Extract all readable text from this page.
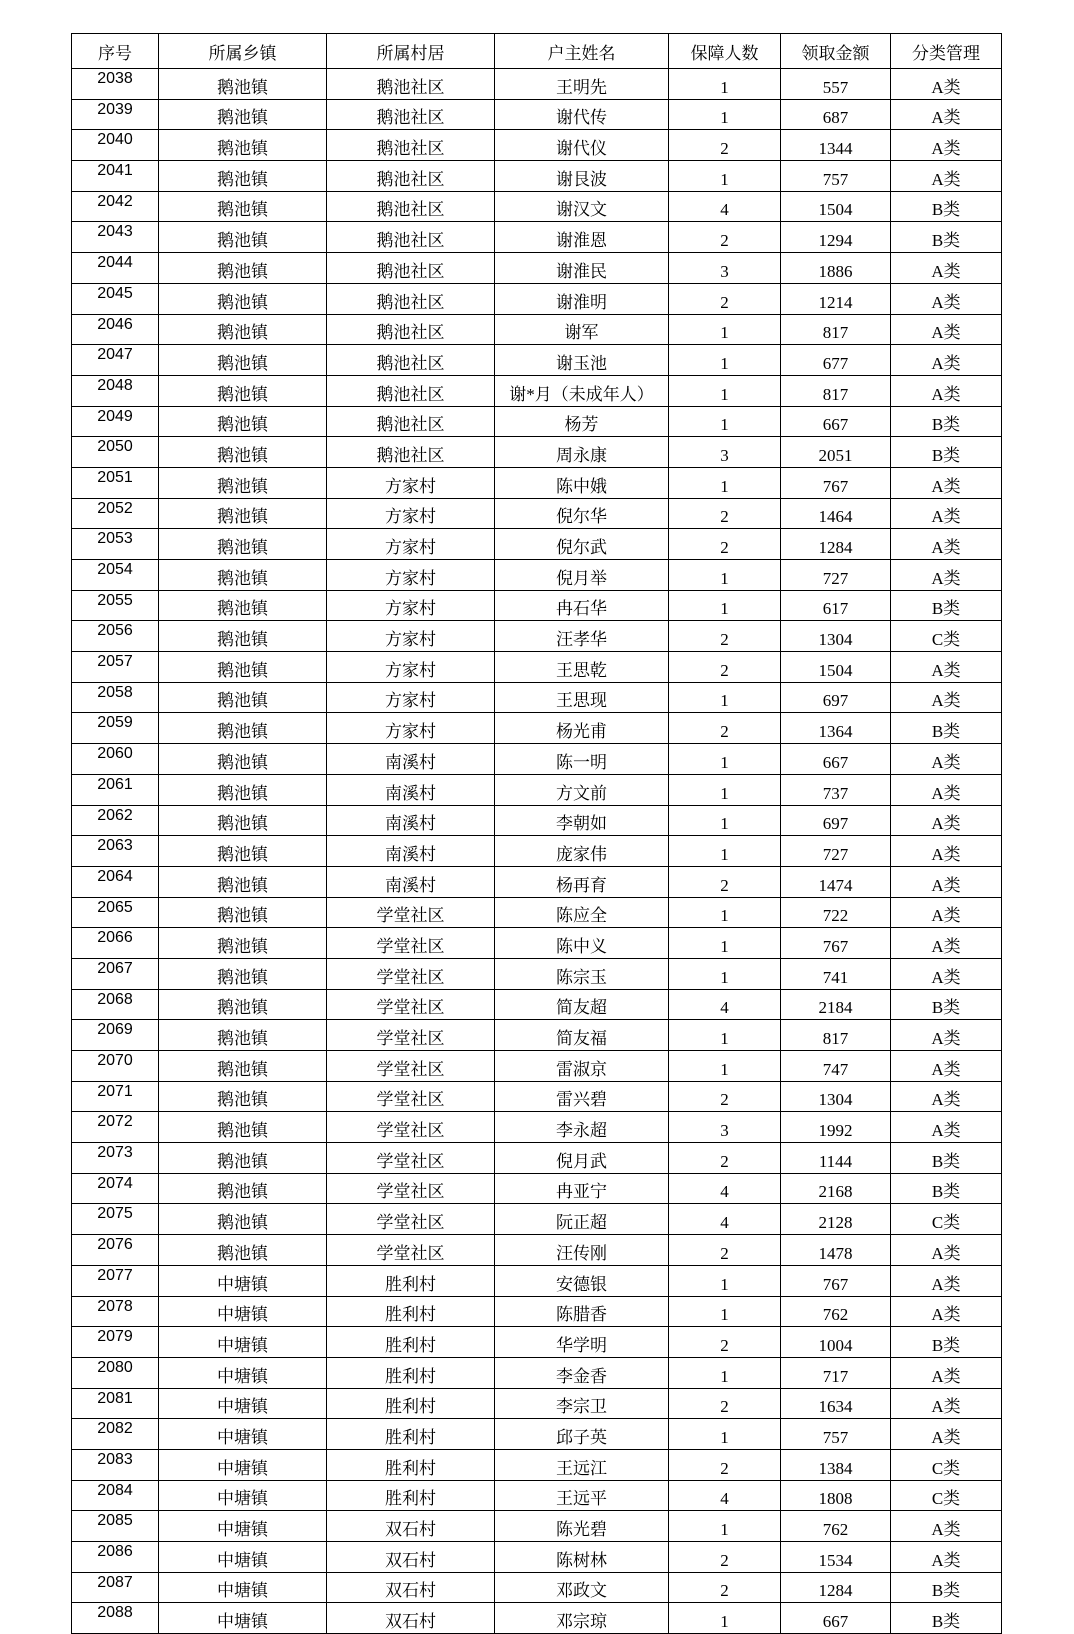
序号	所属乡镇	所属村居	户主姓名	保障人数	领取金额	分类管理
2038	鹅池镇	鹅池社区	王明先	1	557	A类
2039	鹅池镇	鹅池社区	谢代传	1	687	A类
2040	鹅池镇	鹅池社区	谢代仪	2	1344	A类
2041	鹅池镇	鹅池社区	谢艮波	1	757	A类
2042	鹅池镇	鹅池社区	谢汉文	4	1504	B类
2043	鹅池镇	鹅池社区	谢淮恩	2	1294	B类
2044	鹅池镇	鹅池社区	谢淮民	3	1886	A类
2045	鹅池镇	鹅池社区	谢淮明	2	1214	A类
2046	鹅池镇	鹅池社区	谢军	1	817	A类
2047	鹅池镇	鹅池社区	谢玉池	1	677	A类
2048	鹅池镇	鹅池社区	谢*月（未成年人）	1	817	A类
2049	鹅池镇	鹅池社区	杨芳	1	667	B类
2050	鹅池镇	鹅池社区	周永康	3	2051	B类
2051	鹅池镇	方家村	陈中娥	1	767	A类
2052	鹅池镇	方家村	倪尔华	2	1464	A类
2053	鹅池镇	方家村	倪尔武	2	1284	A类
2054	鹅池镇	方家村	倪月举	1	727	A类
2055	鹅池镇	方家村	冉石华	1	617	B类
2056	鹅池镇	方家村	汪孝华	2	1304	C类
2057	鹅池镇	方家村	王思乾	2	1504	A类
2058	鹅池镇	方家村	王思现	1	697	A类
2059	鹅池镇	方家村	杨光甫	2	1364	B类
2060	鹅池镇	南溪村	陈一明	1	667	A类
2061	鹅池镇	南溪村	方文前	1	737	A类
2062	鹅池镇	南溪村	李朝如	1	697	A类
2063	鹅池镇	南溪村	庞家伟	1	727	A类
2064	鹅池镇	南溪村	杨再育	2	1474	A类
2065	鹅池镇	学堂社区	陈应全	1	722	A类
2066	鹅池镇	学堂社区	陈中义	1	767	A类
2067	鹅池镇	学堂社区	陈宗玉	1	741	A类
2068	鹅池镇	学堂社区	简友超	4	2184	B类
2069	鹅池镇	学堂社区	简友福	1	817	A类
2070	鹅池镇	学堂社区	雷淑京	1	747	A类
2071	鹅池镇	学堂社区	雷兴碧	2	1304	A类
2072	鹅池镇	学堂社区	李永超	3	1992	A类
2073	鹅池镇	学堂社区	倪月武	2	1144	B类
2074	鹅池镇	学堂社区	冉亚宁	4	2168	B类
2075	鹅池镇	学堂社区	阮正超	4	2128	C类
2076	鹅池镇	学堂社区	汪传刚	2	1478	A类
2077	中塘镇	胜利村	安德银	1	767	A类
2078	中塘镇	胜利村	陈腊香	1	762	A类
2079	中塘镇	胜利村	华学明	2	1004	B类
2080	中塘镇	胜利村	李金香	1	717	A类
2081	中塘镇	胜利村	李宗卫	2	1634	A类
2082	中塘镇	胜利村	邱子英	1	757	A类
2083	中塘镇	胜利村	王远江	2	1384	C类
2084	中塘镇	胜利村	王远平	4	1808	C类
2085	中塘镇	双石村	陈光碧	1	762	A类
2086	中塘镇	双石村	陈树林	2	1534	A类
2087	中塘镇	双石村	邓政文	2	1284	B类
2088	中塘镇	双石村	邓宗琼	1	667	B类
